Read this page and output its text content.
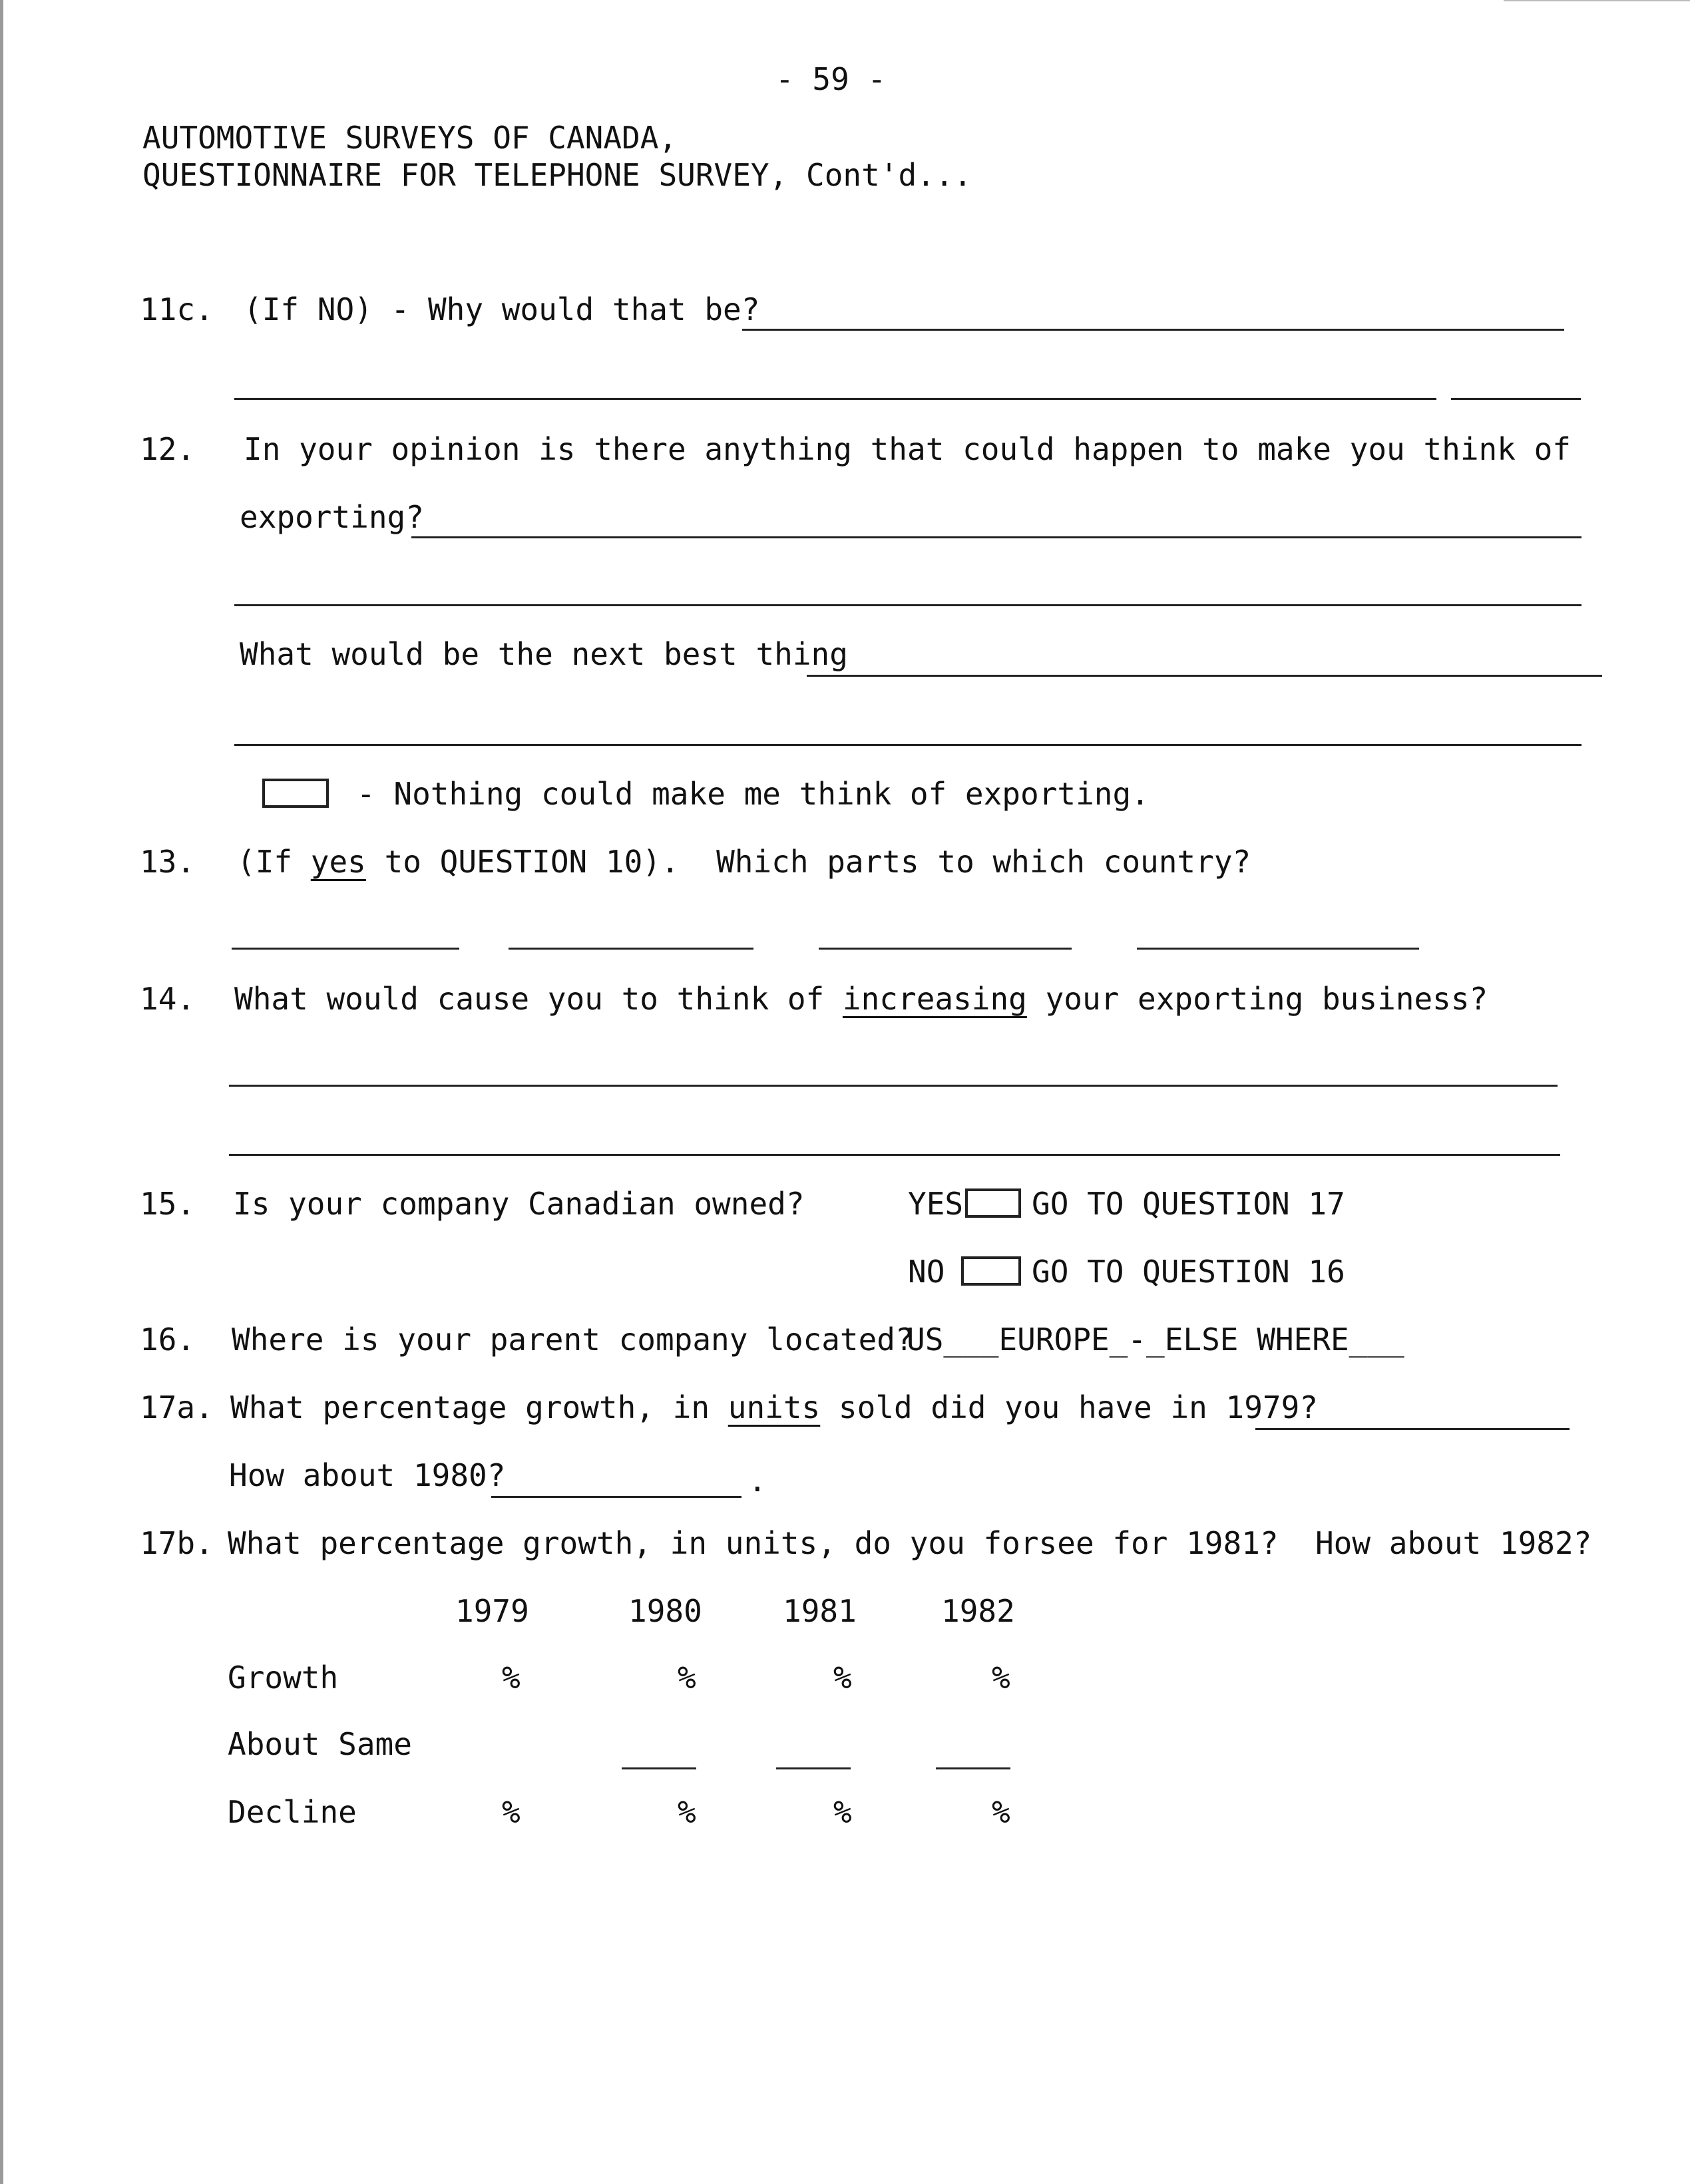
- 59 -
AUTOMOTIVE SURVEYS OF CANADA,
QUESTIONNAIRE FOR TELEPHONE SURVEY, Cont'd...
11c. (If NO) - Why would that be?
12. In your opinion is there anything that could happen to make you think of
exporting?
What would be the next best thing
- Nothing could make me think of exporting.
13. (If yes to QUESTION 10).  Which parts to which country?
14. What would cause you to think of increasing your exporting business?
15. Is your company Canadian owned?	YES GO TO QUESTION 17
NO	GO TO QUESTION 16
16. Where is your parent company located?
US___EUROPE_-_ELSE WHERE___
17a. What percentage growth, in units sold did you have in 1979?
How about 1980?	.
17b. What percentage growth, in units, do you forsee for 1981?  How about 1982?
1979	1980	1981	1982
Growth	%	%	%	%
About Same
Decline	%	%	%	%
